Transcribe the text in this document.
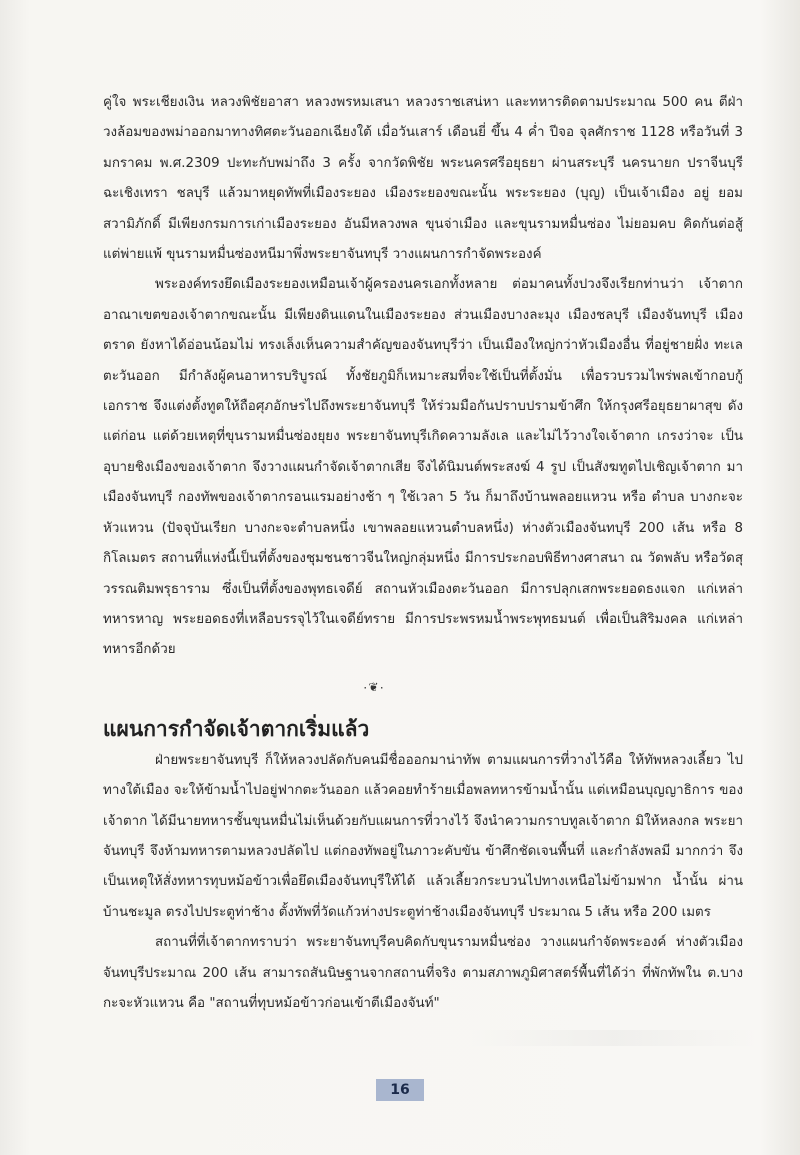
คู่ใจ พระเชียงเงิน หลวงพิชัยอาสา หลวงพรหมเสนา หลวงราชเสน่หา และทหารติดตามประมาณ 500 คน ตีฝ่าวงล้อมของพม่าออกมาทางทิศตะวันออกเฉียงใต้ เมื่อวันเสาร์ เดือนยี่ ขึ้น 4 ค่ำ ปีจอ จุลศักราช 1128 หรือวันที่ 3 มกราคม พ.ศ.2309 ปะทะกับพม่าถึง 3 ครั้ง จากวัดพิชัย พระนครศรีอยุธยา ผ่านสระบุรี นครนายก ปราจีนบุรี ฉะเชิงเทรา ชลบุรี แล้วมาหยุดทัพที่เมืองระยอง เมืองระยองขณะนั้น พระระยอง (บุญ) เป็นเจ้าเมือง อยู่ ยอมสวามิภักดิ์ มีเพียงกรมการเก่าเมืองระยอง อันมีหลวงพล ขุนจ่าเมือง และขุนรามหมื่นซ่อง ไม่ยอมคบ คิดกันต่อสู้ แต่พ่ายแพ้ ขุนรามหมื่นซ่องหนีมาพึ่งพระยาจันทบุรี วางแผนการกำจัดพระองค์

พระองค์ทรงยึดเมืองระยองเหมือนเจ้าผู้ครองนครเอกทั้งหลาย ต่อมาคนทั้งปวงจึงเรียกท่านว่า เจ้าตาก อาณาเขตของเจ้าตากขณะนั้น มีเพียงดินแดนในเมืองระยอง ส่วนเมืองบางละมุง เมืองชลบุรี เมืองจันทบุรี เมือง ตราด ยังหาได้อ่อนน้อมไม่ ทรงเล็งเห็นความสำคัญของจันทบุรีว่า เป็นเมืองใหญ่กว่าหัวเมืองอื่น ที่อยู่ชายฝั่ง ทะเลตะวันออก มีกำลังผู้คนอาหารบริบูรณ์ ทั้งชัยภูมิก็เหมาะสมที่จะใช้เป็นที่ตั้งมั่น เพื่อรวบรวมไพร่พลเข้ากอบกู้ เอกราช จึงแต่งตั้งทูตให้ถือศุภอักษรไปถึงพระยาจันทบุรี ให้ร่วมมือกันปราบปรามข้าศึก ให้กรุงศรีอยุธยาผาสุข ดังแต่ก่อน แต่ด้วยเหตุที่ขุนรามหมื่นซ่องยุยง พระยาจันทบุรีเกิดความลังเล และไม่ไว้วางใจเจ้าตาก เกรงว่าจะ เป็นอุบายชิงเมืองของเจ้าตาก จึงวางแผนกำจัดเจ้าตากเสีย จึงได้นิมนต์พระสงฆ์ 4 รูป เป็นสังฆทูตไปเชิญเจ้าตาก มาเมืองจันทบุรี กองทัพของเจ้าตากรอนแรมอย่างช้า ๆ ใช้เวลา 5 วัน ก็มาถึงบ้านพลอยแหวน หรือ ตำบล บางกะจะหัวแหวน (ปัจจุบันเรียก บางกะจะตำบลหนึ่ง เขาพลอยแหวนตำบลหนึ่ง) ห่างตัวเมืองจันทบุรี 200 เส้น หรือ 8 กิโลเมตร สถานที่แห่งนี้เป็นที่ตั้งของชุมชนชาวจีนใหญ่กลุ่มหนึ่ง มีการประกอบพิธีทางศาสนา ณ วัดพลับ หรือวัดสุวรรณติมพรุธาราม ซึ่งเป็นที่ตั้งของพุทธเจดีย์ สถานหัวเมืองตะวันออก มีการปลุกเสกพระยอดธงแจก แก่เหล่าทหารหาญ พระยอดธงที่เหลือบรรจุไว้ในเจดีย์ทราย มีการประพรหมน้ำพระพุทธมนต์ เพื่อเป็นสิริมงคล แก่เหล่าทหารอีกด้วย

แผนการกำจัดเจ้าตากเริ่มแล้ว

ฝ่ายพระยาจันทบุรี ก็ให้หลวงปลัดกับคนมีชื่อออกมาน่าทัพ ตามแผนการที่วางไว้คือ ให้ทัพหลวงเลี้ยว ไปทางใต้เมือง จะให้ข้ามน้ำไปอยู่ฟากตะวันออก แล้วคอยทำร้ายเมื่อพลทหารข้ามน้ำนั้น แต่เหมือนบุญญาธิการ ของเจ้าตาก ได้มีนายทหารชั้นขุนหมื่นไม่เห็นด้วยกับแผนการที่วางไว้ จึงนำความกราบทูลเจ้าตาก มิให้หลงกล พระยาจันทบุรี จึงห้ามทหารตามหลวงปลัดไป แต่กองทัพอยู่ในภาวะคับขัน ข้าศึกชัดเจนพื้นที่ และกำลังพลมี มากกว่า จึงเป็นเหตุให้สั่งทหารทุบหม้อข้าวเพื่อยึดเมืองจันทบุรีให้ได้ แล้วเลี้ยวกระบวนไปทางเหนือไม่ข้ามฟาก น้ำนั้น ผ่านบ้านชะมูล ตรงไปประตูท่าช้าง ตั้งทัพที่วัดแก้วห่างประตูท่าช้างเมืองจันทบุรี ประมาณ 5 เส้น หรือ 200 เมตร

สถานที่ที่เจ้าตากทราบว่า พระยาจันทบุรีคบคิดกับขุนรามหมื่นซ่อง วางแผนกำจัดพระองค์ ห่างตัวเมือง จันทบุรีประมาณ 200 เส้น สามารถสันนิษฐานจากสถานที่จริง ตามสภาพภูมิศาสตร์พื้นที่ได้ว่า ที่พักทัพใน ต.บางกะจะหัวแหวน คือ "สถานที่ทุบหม้อข้าวก่อนเข้าตีเมืองจันท์"

٠❦٠
16
